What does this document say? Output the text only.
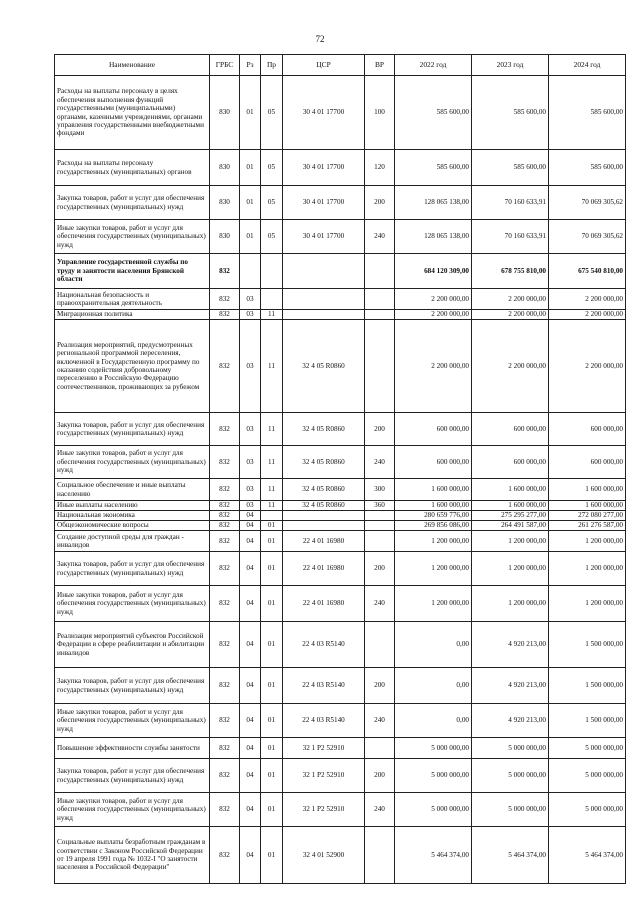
72
Наименование	ГРБС	Рз	Пр	ЦСР	ВР	2022 год	2023 год	2024 год
Расходы на выплаты персоналу в целях обеспечения выполнения функций государственными (муниципальными) органами, казенными учреждениями, органами управления государственными внебюджетными фондами	830	01	05	30 4 01 17700	100	585 600,00	585 600,00	585 600,00
Расходы на выплаты персоналу государственных (муниципальных) органов	830	01	05	30 4 01 17700	120	585 600,00	585 600,00	585 600,00
Закупка товаров, работ и услуг для обеспечения государственных (муниципальных) нужд	830	01	05	30 4 01 17700	200	128 065 138,00	70 160 633,91	70 069 305,62
Иные закупки товаров, работ и услуг для обеспечения государственных (муниципальных) нужд	830	01	05	30 4 01 17700	240	128 065 138,00	70 160 633,91	70 069 305,62
Управление государственной службы по труду и занятости населения Брянской области	832					684 120 309,00	678 755 810,00	675 540 810,00
Национальная безопасность и правоохранительная деятельность	832	03				2 200 000,00	2 200 000,00	2 200 000,00
Миграционная политика	832	03	11			2 200 000,00	2 200 000,00	2 200 000,00
Реализация мероприятий, предусмотренных региональной программой переселения, включенной в Государственную программу по оказанию содействия добровольному переселению в Российскую Федерацию соотечественников, проживающих за рубежом	832	03	11	32 4 05 R0860		2 200 000,00	2 200 000,00	2 200 000,00
Закупка товаров, работ и услуг для обеспечения государственных (муниципальных) нужд	832	03	11	32 4 05 R0860	200	600 000,00	600 000,00	600 000,00
Иные закупки товаров, работ и услуг для обеспечения государственных (муниципальных) нужд	832	03	11	32 4 05 R0860	240	600 000,00	600 000,00	600 000,00
Социальное обеспечение и иные выплаты населению	832	03	11	32 4 05 R0860	300	1 600 000,00	1 600 000,00	1 600 000,00
Иные выплаты населению	832	03	11	32 4 05 R0860	360	1 600 000,00	1 600 000,00	1 600 000,00
Национальная экономика	832	04				280 659 776,00	275 295 277,00	272 080 277,00
Общеэкономические вопросы	832	04	01			269 856 086,00	264 491 587,00	261 276 587,00
Создание доступной среды для граждан - инвалидов	832	04	01	22 4 01 16980		1 200 000,00	1 200 000,00	1 200 000,00
Закупка товаров, работ и услуг для обеспечения государственных (муниципальных) нужд	832	04	01	22 4 01 16980	200	1 200 000,00	1 200 000,00	1 200 000,00
Иные закупки товаров, работ и услуг для обеспечения государственных (муниципальных) нужд	832	04	01	22 4 01 16980	240	1 200 000,00	1 200 000,00	1 200 000,00
Реализация мероприятий субъектов Российской Федерации в сфере реабилитации и абилитации инвалидов	832	04	01	22 4 03 R5140		0,00	4 920 213,00	1 500 000,00
Закупка товаров, работ и услуг для обеспечения государственных (муниципальных) нужд	832	04	01	22 4 03 R5140	200	0,00	4 920 213,00	1 500 000,00
Иные закупки товаров, работ и услуг для обеспечения государственных (муниципальных) нужд	832	04	01	22 4 03 R5140	240	0,00	4 920 213,00	1 500 000,00
Повышение эффективности службы занятости	832	04	01	32 1 P2 52910		5 000 000,00	5 000 000,00	5 000 000,00
Закупка товаров, работ и услуг для обеспечения государственных (муниципальных) нужд	832	04	01	32 1 P2 52910	200	5 000 000,00	5 000 000,00	5 000 000,00
Иные закупки товаров, работ и услуг для обеспечения государственных (муниципальных) нужд	832	04	01	32 1 P2 52910	240	5 000 000,00	5 000 000,00	5 000 000,00
Социальные выплаты безработным гражданам в соответствии с Законом Российской Федерации от 19 апреля 1991 года № 1032-I "О занятости населения в Российской Федерации"	832	04	01	32 4 01 52900		5 464 374,00	5 464 374,00	5 464 374,00
